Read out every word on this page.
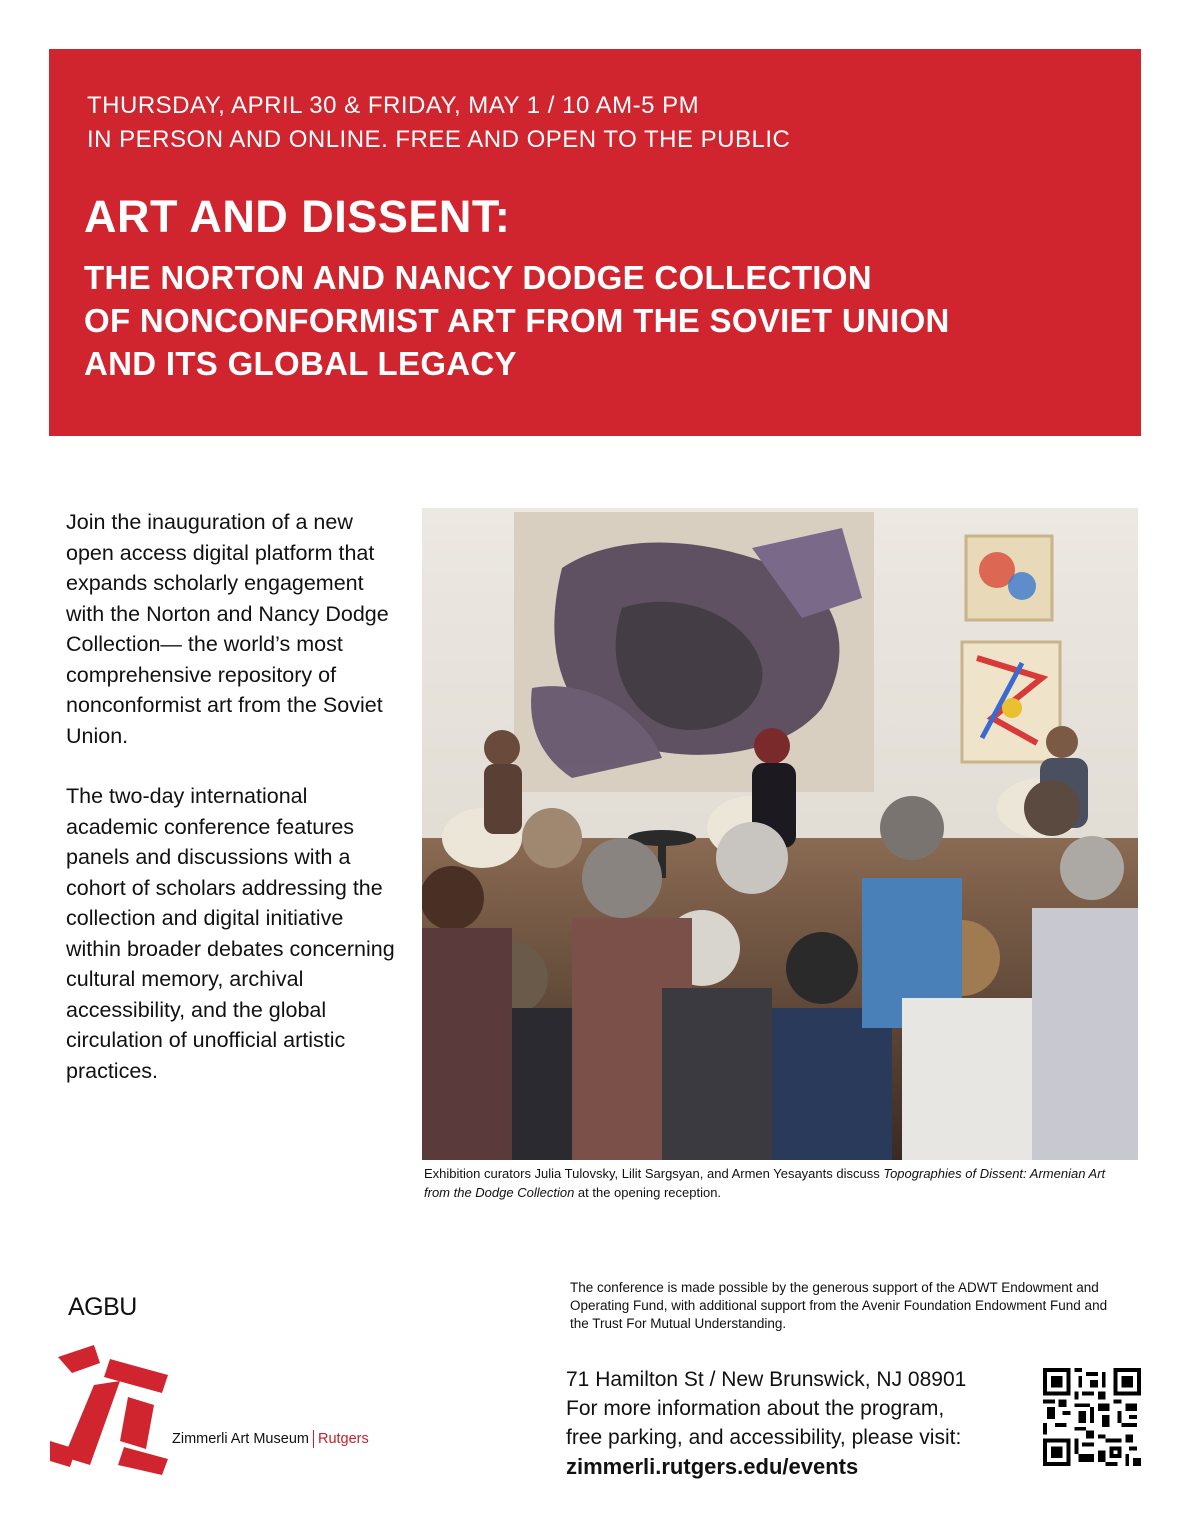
THURSDAY, APRIL 30 & FRIDAY, MAY 1 / 10 AM-5 PM
IN PERSON AND ONLINE. FREE AND OPEN TO THE PUBLIC
ART AND DISSENT:
THE NORTON AND NANCY DODGE COLLECTION
OF NONCONFORMIST ART FROM THE SOVIET UNION
AND ITS GLOBAL LEGACY

Join the inauguration of a new open access digital platform that expands scholarly engagement with the Norton and Nancy Dodge Collection— the world’s most comprehensive repository of nonconformist art from the Soviet Union.

The two-day international academic conference features panels and discussions with a cohort of scholars addressing the collection and digital initiative within broader debates concerning cultural memory, archival accessibility, and the global circulation of unofficial artistic practices.

Exhibition curators Julia Tulovsky, Lilit Sargsyan, and Armen Yesayants discuss Topographies of Dissent: Armenian Art from the Dodge Collection at the opening reception.
AGBU
Zimmerli Art Museum Rutgers
The conference is made possible by the generous support of the ADWT Endowment and Operating Fund, with additional support from the Avenir Foundation Endowment Fund and the Trust For Mutual Understanding.
71 Hamilton St / New Brunswick, NJ 08901
For more information about the program,
free parking, and accessibility, please visit:
zimmerli.rutgers.edu/events
